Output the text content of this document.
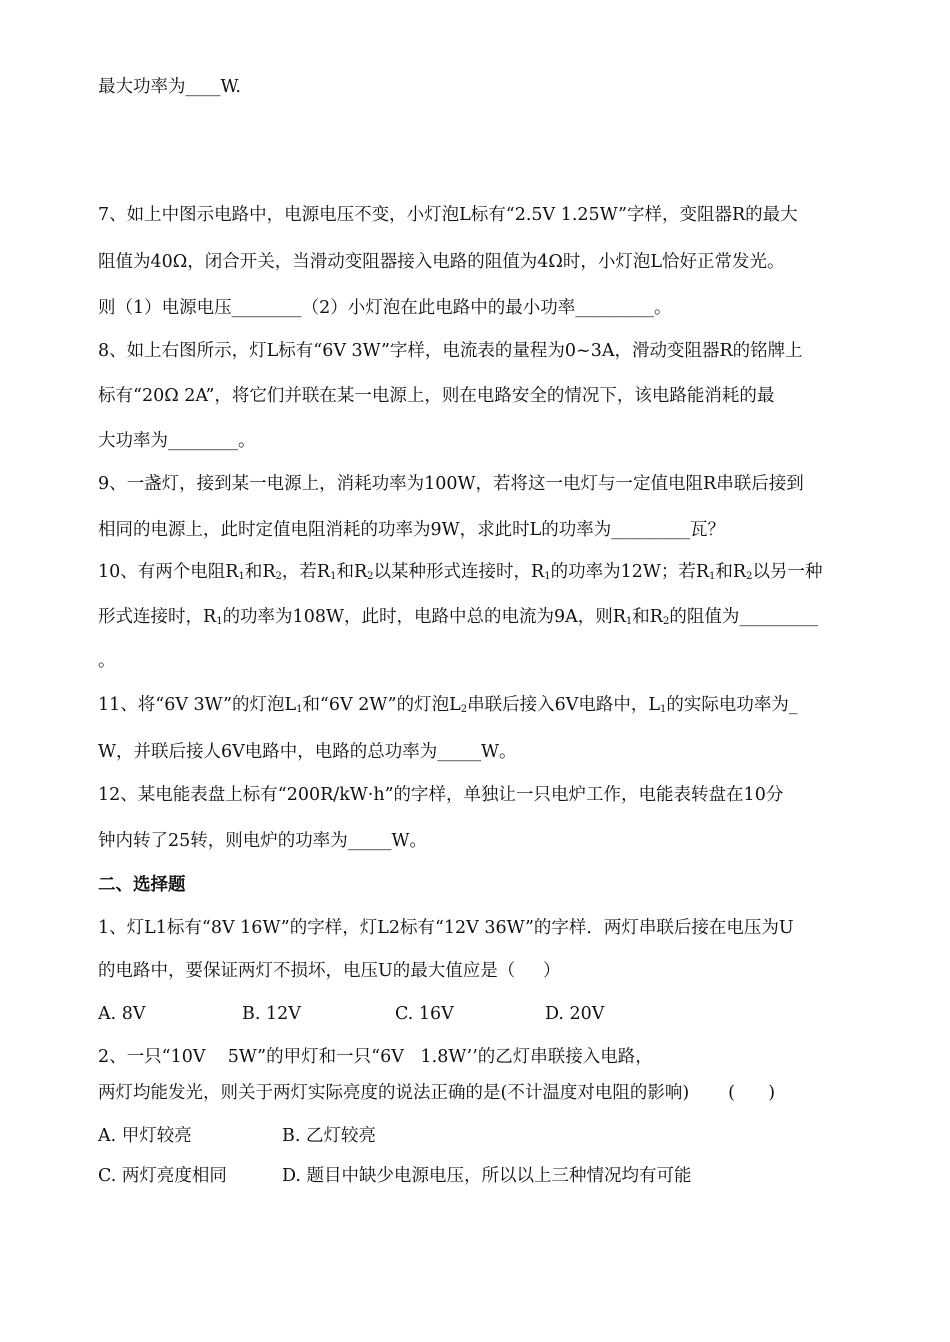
最大功率为____W.
7、如上中图示电路中，电源电压不变，小灯泡L标有“2.5V 1.25W”字样，变阻器R的最大
阻值为40Ω，闭合开关，当滑动变阻器接入电路的阻值为4Ω时，小灯泡L恰好正常发光。
则（1）电源电压________（2）小灯泡在此电路中的最小功率_________。
8、如上右图所示，灯L标有“6V 3W”字样，电流表的量程为0~3A，滑动变阻器R的铭牌上
标有“20Ω 2A”，将它们并联在某一电源上，则在电路安全的情况下，该电路能消耗的最
大功率为________。
9、一盏灯，接到某一电源上，消耗功率为100W，若将这一电灯与一定值电阻R串联后接到
相同的电源上，此时定值电阻消耗的功率为9W，求此时L的功率为_________瓦？
10、有两个电阻$R_1$和$R_2$，若$R_1$和$R_2$以某种形式连接时，$R_1$的功率为12W；若$R_1$和$R_2$以另一种
形式连接时，$R_1$的功率为108W，此时，电路中总的电流为9A，则$R_1$和$R_2$的阻值为_________
。
11、将“6V 3W”的灯泡$L_1$和“6V 2W”的灯泡$L_2$串联后接入6V电路中，$L_1$的实际电功率为_
W，并联后接人6V电路中，电路的总功率为_____W。
12、某电能表盘上标有“200R/kW·h”的字样，单独让一只电炉工作，电能表转盘在10分
钟内转了25转，则电炉的功率为_____W。
二、选择题
1、灯L1标有“8V 16W”的字样，灯L2标有“12V 36W”的字样．两灯串联后接在电压为U
的电路中，要保证两灯不损坏，电压U的最大值应是（     ）
A. 8V	B. 12V	C. 16V	D. 20V
2、一只“10V    5W”的甲灯和一只“6V   1.8W’’的乙灯串联接入电路，
两灯均能发光，则关于两灯实际亮度的说法正确的是(不计温度对电阻的影响)       (      )
A. 甲灯较亮	B. 乙灯较亮
C. 两灯亮度相同	D. 题目中缺少电源电压，所以以上三种情况均有可能
